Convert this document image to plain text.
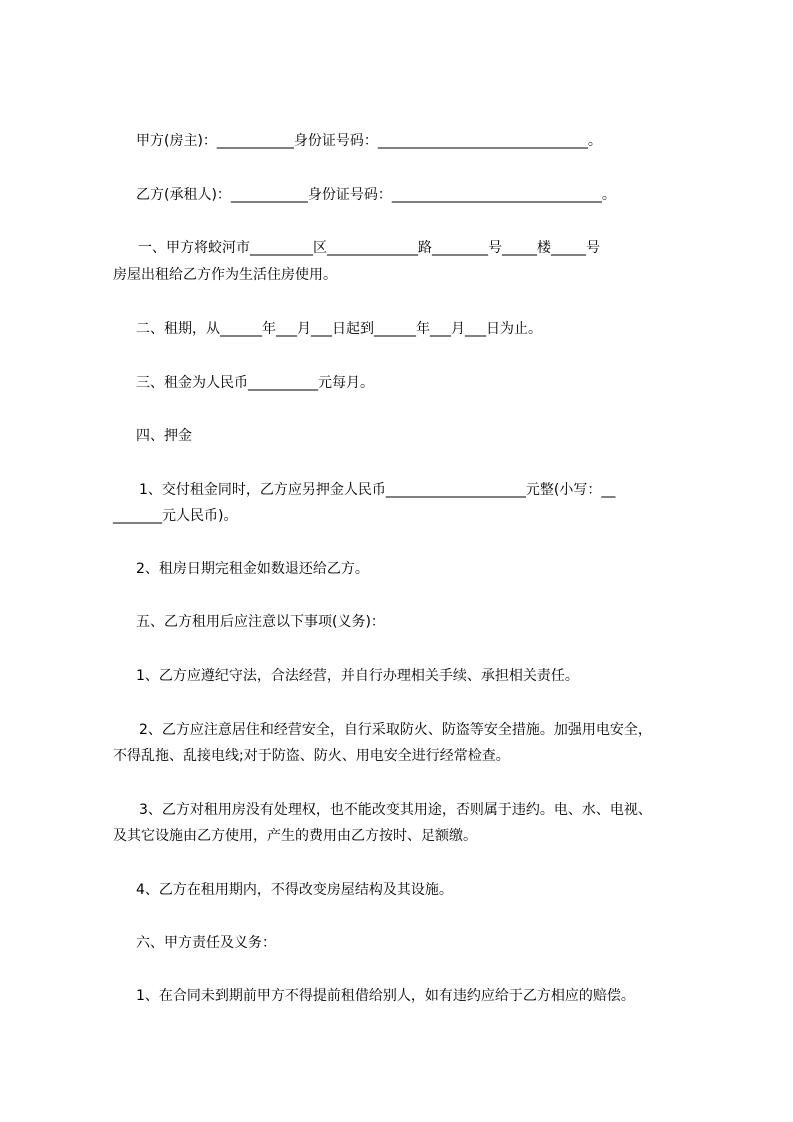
甲方(房主)：___________身份证号码：______________________________。
乙方(承租人)：___________身份证号码：______________________________。
一、甲方将蛟河市_________区_____________路________号_____楼_____号
房屋出租给乙方作为生活住房使用。
二、租期，从______年___月___日起到______年___月___日为止。
三、租金为人民币__________元每月。
四、押金
1、交付租金同时，乙方应另押金人民币____________________元整(小写：__
_______元人民币)。
2、租房日期完租金如数退还给乙方。
五、乙方租用后应注意以下事项(义务)：
1、乙方应遵纪守法，合法经营，并自行办理相关手续、承担相关责任。
2、乙方应注意居住和经营安全，自行采取防火、防盗等安全措施。加强用电安全，
不得乱拖、乱接电线;对于防盗、防火、用电安全进行经常检查。
3、乙方对租用房没有处理权，也不能改变其用途，否则属于违约。电、水、电视、
及其它设施由乙方使用，产生的费用由乙方按时、足额缴。
4、乙方在租用期内，不得改变房屋结构及其设施。
六、甲方责任及义务：
1、在合同未到期前甲方不得提前租借给别人，如有违约应给于乙方相应的赔偿。
